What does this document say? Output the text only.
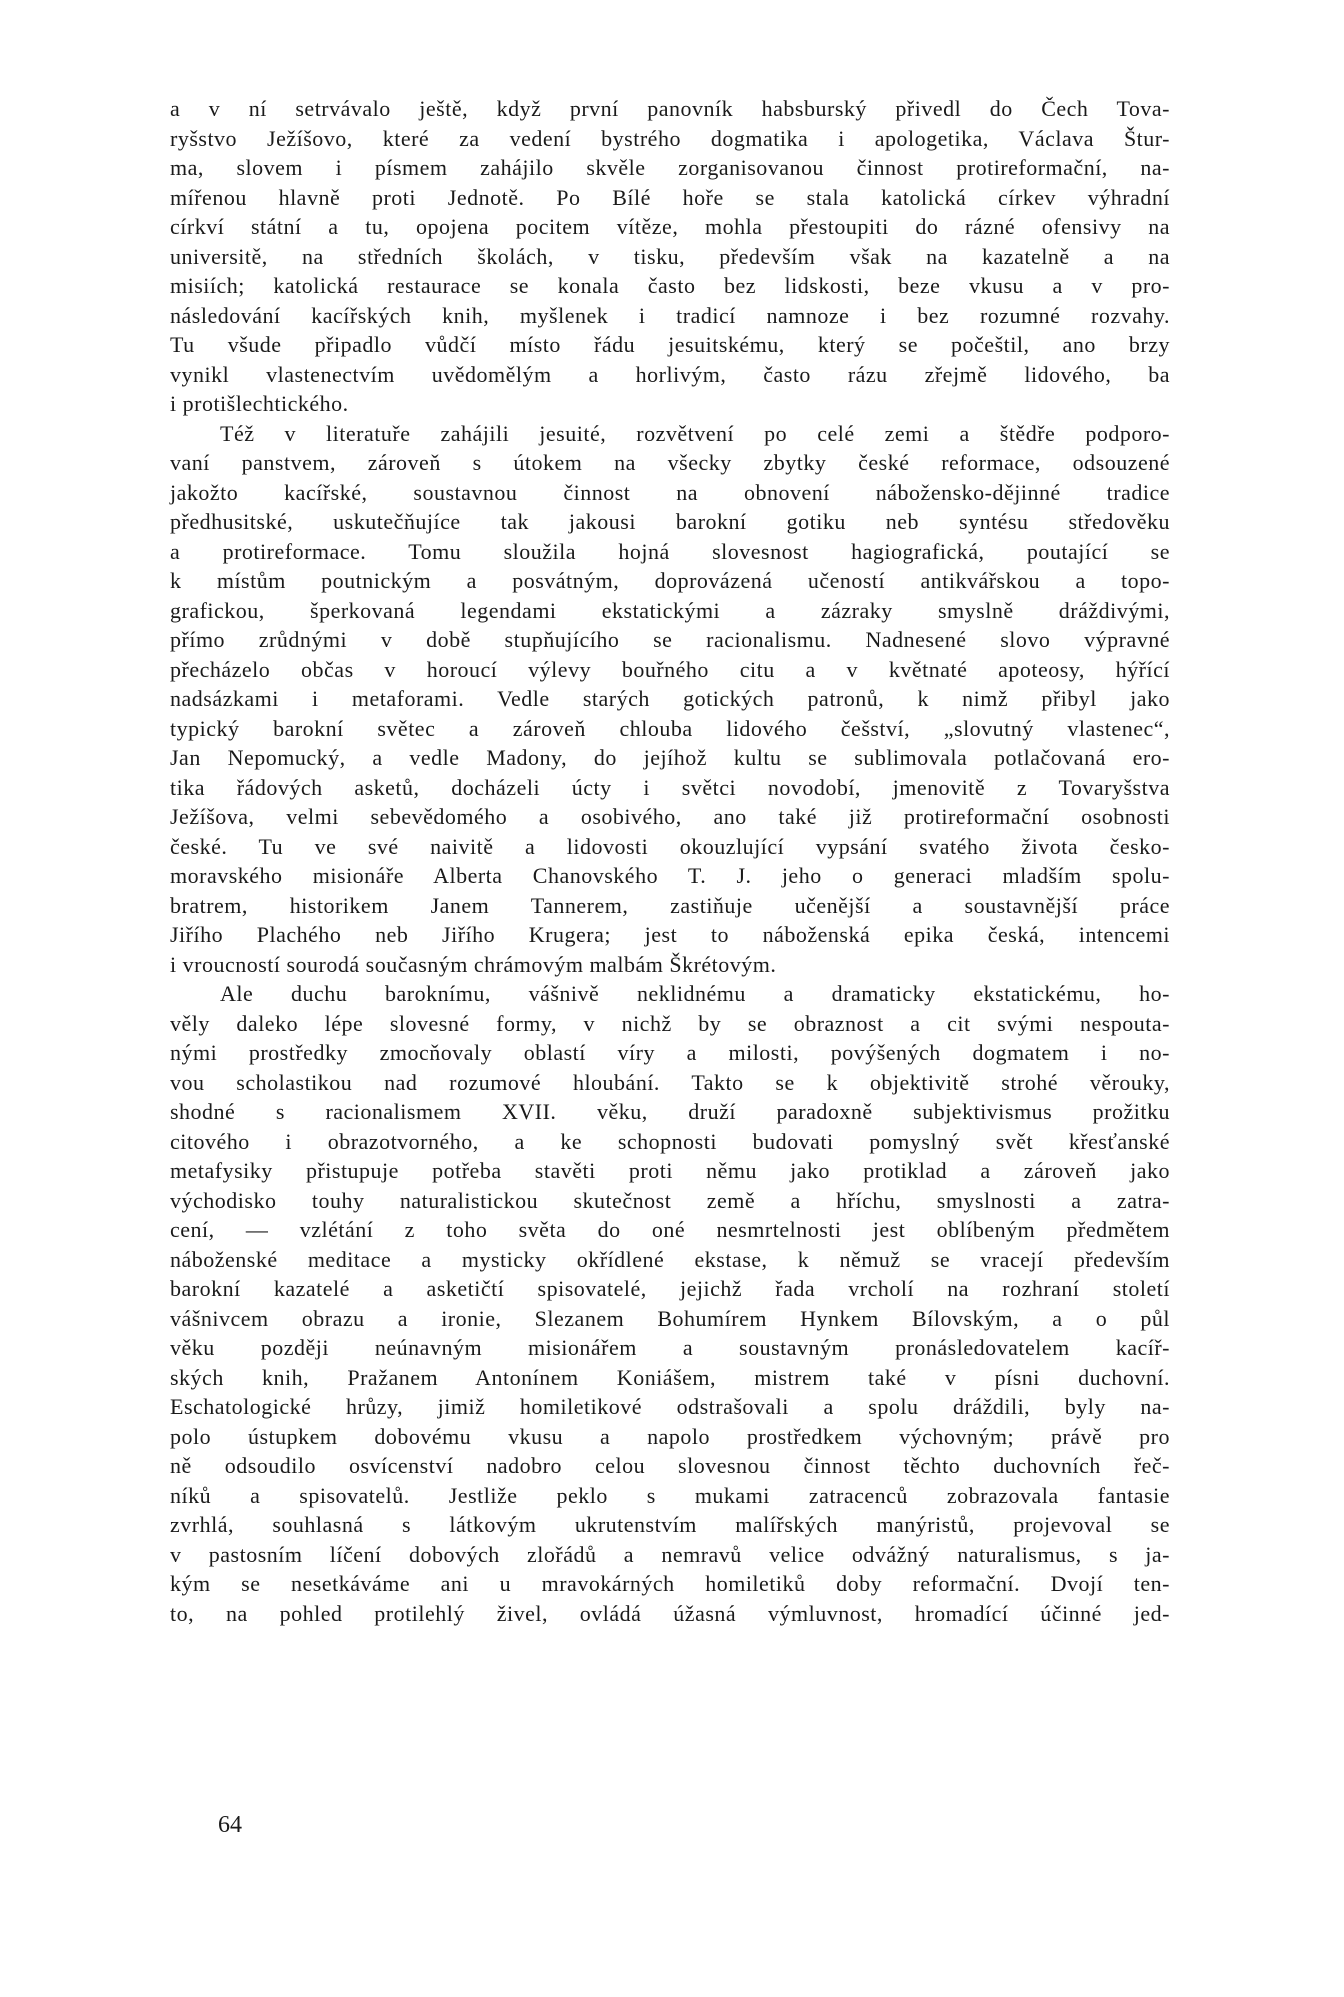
a v ní setrvávalo ještě, když první panovník habsburský přivedl do Čech Tova-
ryšstvo Ježíšovo, které za vedení bystrého dogmatika i apologetika, Václava Štur-
ma, slovem i písmem zahájilo skvěle zorganisovanou činnost protireformační, na-
mířenou hlavně proti Jednotě. Po Bílé hoře se stala katolická církev výhradní
církví státní a tu, opojena pocitem vítěze, mohla přestoupiti do rázné ofensivy na
universitě, na středních školách, v tisku, především však na kazatelně a na
misiích; katolická restaurace se konala často bez lidskosti, beze vkusu a v pro-
následování kacířských knih, myšlenek i tradicí namnoze i bez rozumné rozvahy.
Tu všude připadlo vůdčí místo řádu jesuitskému, který se počeštil, ano brzy
vynikl vlastenectvím uvědomělým a horlivým, často rázu zřejmě lidového, ba
i protišlechtického.
Též v literatuře zahájili jesuité, rozvětvení po celé zemi a štědře podporo-
vaní panstvem, zároveň s útokem na všecky zbytky české reformace, odsouzené
jakožto kacířské, soustavnou činnost na obnovení nábožensko-dějinné tradice
předhusitské, uskutečňujíce tak jakousi barokní gotiku neb syntésu středověku
a protireformace. Tomu sloužila hojná slovesnost hagiografická, poutající se
k místům poutnickým a posvátným, doprovázená učeností antikvářskou a topo-
grafickou, šperkovaná legendami ekstatickými a zázraky smyslně dráždivými,
přímo zrůdnými v době stupňujícího se racionalismu. Nadnesené slovo výpravné
přecházelo občas v horoucí výlevy bouřného citu a v květnaté apoteosy, hýřící
nadsázkami i metaforami. Vedle starých gotických patronů, k nimž přibyl jako
typický barokní světec a zároveň chlouba lidového češství, „slovutný vlastenec“,
Jan Nepomucký, a vedle Madony, do jejíhož kultu se sublimovala potlačovaná ero-
tika řádových asketů, docházeli úcty i světci novodobí, jmenovitě z Tovaryšstva
Ježíšova, velmi sebevědomého a osobivého, ano také již protireformační osobnosti
české. Tu ve své naivitě a lidovosti okouzlující vypsání svatého života česko-
moravského misionáře Alberta Chanovského T. J. jeho o generaci mladším spolu-
bratrem, historikem Janem Tannerem, zastiňuje učenější a soustavnější práce
Jiřího Plachého neb Jiřího Krugera; jest to náboženská epika česká, intencemi
i vroucností sourodá současným chrámovým malbám Škrétovým.
Ale duchu baroknímu, vášnivě neklidnému a dramaticky ekstatickému, ho-
věly daleko lépe slovesné formy, v nichž by se obraznost a cit svými nespouta-
nými prostředky zmocňovaly oblastí víry a milosti, povýšených dogmatem i no-
vou scholastikou nad rozumové hloubání. Takto se k objektivitě strohé věrouky,
shodné s racionalismem XVII. věku, druží paradoxně subjektivismus prožitku
citového i obrazotvorného, a ke schopnosti budovati pomyslný svět křesťanské
metafysiky přistupuje potřeba stavěti proti němu jako protiklad a zároveň jako
východisko touhy naturalistickou skutečnost země a hříchu, smyslnosti a zatra-
cení, — vzlétání z toho světa do oné nesmrtelnosti jest oblíbeným předmětem
náboženské meditace a mysticky okřídlené ekstase, k němuž se vracejí především
barokní kazatelé a asketičtí spisovatelé, jejichž řada vrcholí na rozhraní století
vášnivcem obrazu a ironie, Slezanem Bohumírem Hynkem Bílovským, a o půl
věku později neúnavným misionářem a soustavným pronásledovatelem kacíř-
ských knih, Pražanem Antonínem Koniášem, mistrem také v písni duchovní.
Eschatologické hrůzy, jimiž homiletikové odstrašovali a spolu dráždili, byly na-
polo ústupkem dobovému vkusu a napolo prostředkem výchovným; právě pro
ně odsoudilo osvícenství nadobro celou slovesnou činnost těchto duchovních řeč-
níků a spisovatelů. Jestliže peklo s mukami zatracenců zobrazovala fantasie
zvrhlá, souhlasná s látkovým ukrutenstvím malířských manýristů, projevoval se
v pastosním líčení dobových zlořádů a nemravů velice odvážný naturalismus, s ja-
kým se nesetkáváme ani u mravokárných homiletiků doby reformační. Dvojí ten-
to, na pohled protilehlý živel, ovládá úžasná výmluvnost, hromadící účinné jed-
64
